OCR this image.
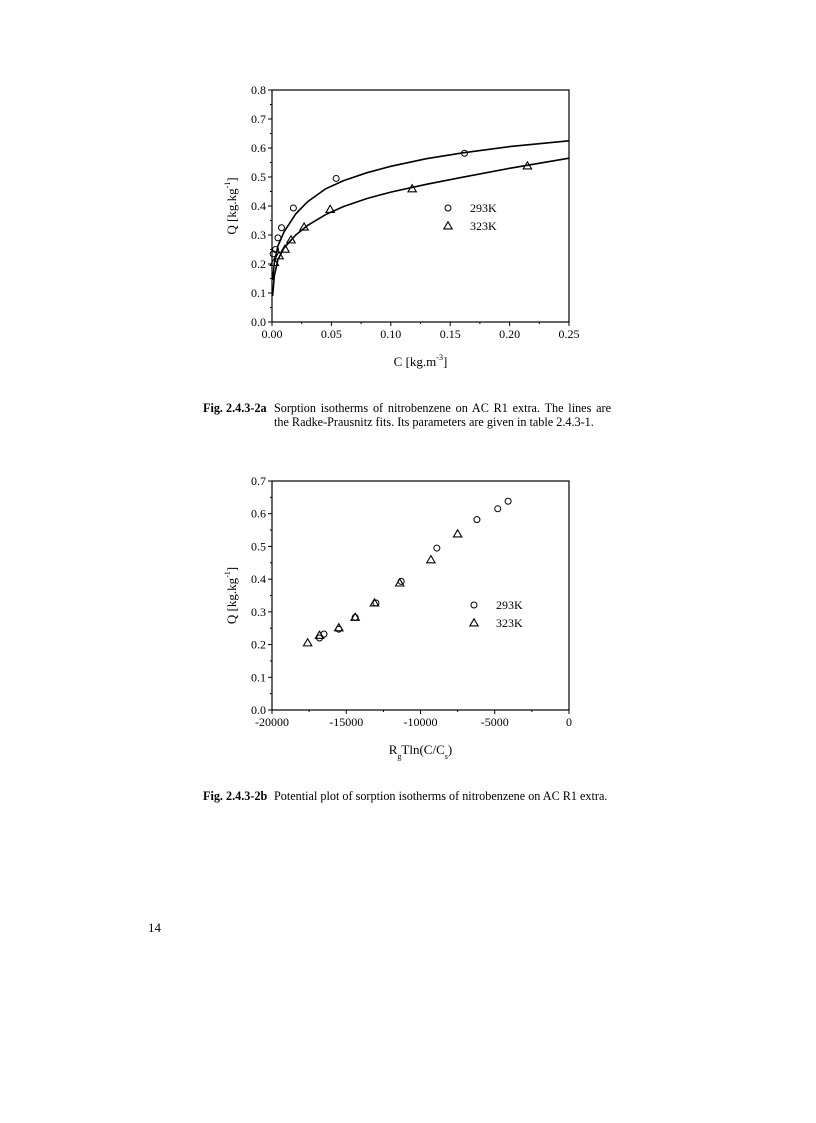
0.0
0.1
0.2
0.3
0.4
0.5
0.6
0.7
0.8
0.00	0.05	0.10	0.15	0.20	0.25
293K
323K
C $[kg.m^{-3}]$
Q $[kg.kg^{-1}]$
Fig. 2.4.3-2a Sorption isotherms of nitrobenzene on AC R1 extra. The lines are the Radke-Prausnitz fits. Its parameters are given in table 2.4.3-1.
0.0
0.1
0.2
0.3
0.4
0.5
0.6
0.7
-20000	-15000	-10000	-5000	0
293K
323K
$R_gTln(C/C_s)$
Q $[kg.kg^{-1}]$
Fig. 2.4.3-2b Potential plot of sorption isotherms of nitrobenzene on AC R1 extra.
14
